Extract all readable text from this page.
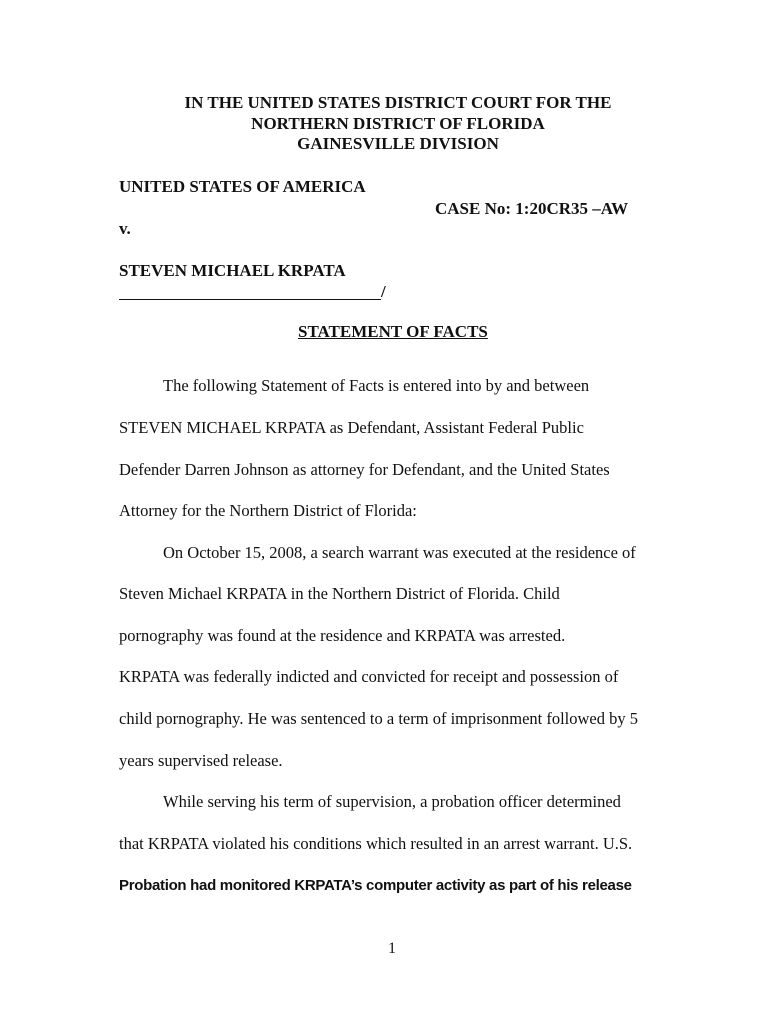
IN THE UNITED STATES DISTRICT COURT FOR THE
NORTHERN DISTRICT OF FLORIDA
GAINESVILLE DIVISION
UNITED STATES OF AMERICA
CASE No: 1:20CR35 –AW
v.
STEVEN MICHAEL KRPATA
/
STATEMENT OF FACTS
The following Statement of Facts is entered into by and between
STEVEN MICHAEL KRPATA as Defendant, Assistant Federal Public
Defender Darren Johnson as attorney for Defendant, and the United States
Attorney for the Northern District of Florida:
On October 15, 2008, a search warrant was executed at the residence of
Steven Michael KRPATA in the Northern District of Florida. Child
pornography was found at the residence and KRPATA was arrested.
KRPATA was federally indicted and convicted for receipt and possession of
child pornography. He was sentenced to a term of imprisonment followed by 5
years supervised release.
While serving his term of supervision, a probation officer determined
that KRPATA violated his conditions which resulted in an arrest warrant. U.S.
Probation had monitored KRPATA’s computer activity as part of his release
1
